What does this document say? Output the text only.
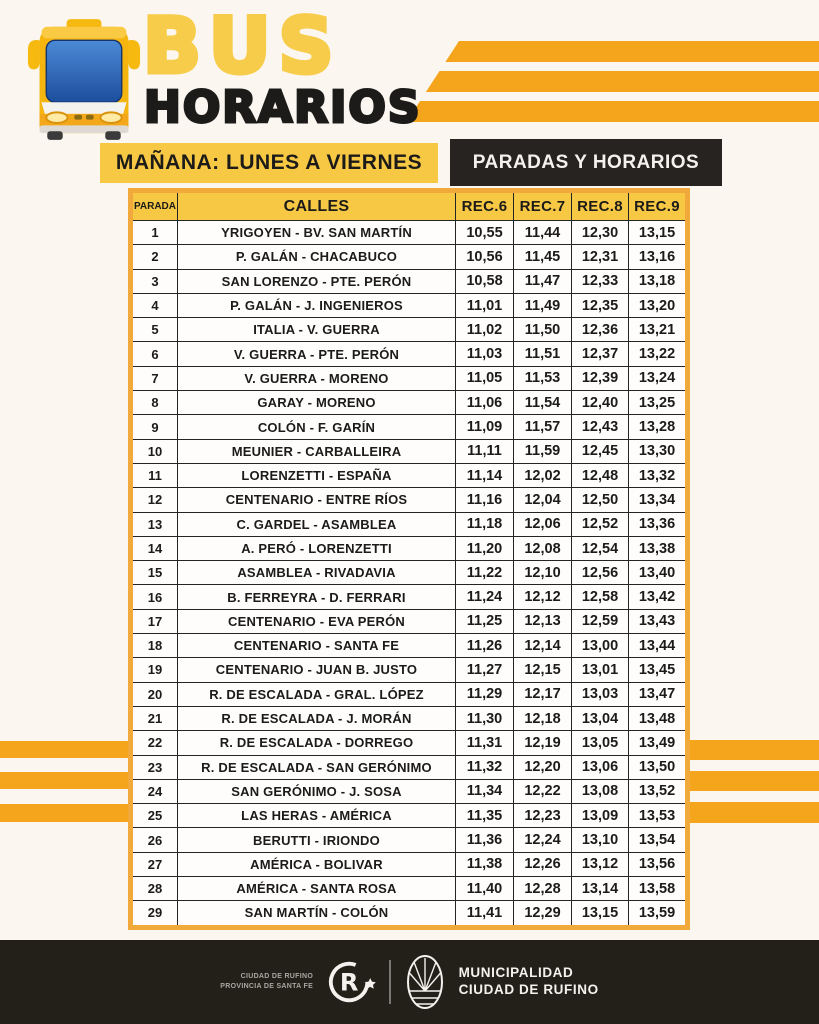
BUS
HORARIOS
MAÑANA: LUNES A VIERNES	PARADAS Y HORARIOS
PARADA	CALLES	REC.6 REC.7 REC.8 REC.9
1	YRIGOYEN - BV. SAN MARTÍN	10,55	11,44	12,30	13,15
2	P. GALÁN - CHACABUCO	10,56	11,45	12,31	13,16
3	SAN LORENZO - PTE. PERÓN	10,58	11,47	12,33	13,18
4	P. GALÁN - J. INGENIEROS	11,01	11,49	12,35	13,20
5	ITALIA - V. GUERRA	11,02	11,50	12,36	13,21
6	V. GUERRA - PTE. PERÓN	11,03	11,51	12,37	13,22
7	V. GUERRA - MORENO	11,05	11,53	12,39	13,24
8	GARAY - MORENO	11,06	11,54	12,40	13,25
9	COLÓN - F. GARÍN	11,09	11,57	12,43	13,28
10	MEUNIER - CARBALLEIRA	11,11	11,59	12,45	13,30
11	LORENZETTI - ESPAÑA	11,14	12,02	12,48	13,32
12	CENTENARIO - ENTRE RÍOS	11,16	12,04	12,50	13,34
13	C. GARDEL - ASAMBLEA	11,18	12,06	12,52	13,36
14	A. PERÓ - LORENZETTI	11,20	12,08	12,54	13,38
15	ASAMBLEA - RIVADAVIA	11,22	12,10	12,56	13,40
16	B. FERREYRA - D. FERRARI	11,24	12,12	12,58	13,42
17	CENTENARIO - EVA PERÓN	11,25	12,13	12,59	13,43
18	CENTENARIO - SANTA FE	11,26	12,14	13,00	13,44
19	CENTENARIO - JUAN B. JUSTO	11,27	12,15	13,01	13,45
20	R. DE ESCALADA - GRAL. LÓPEZ	11,29	12,17	13,03	13,47
21	R. DE ESCALADA - J. MORÁN	11,30	12,18	13,04	13,48
22	R. DE ESCALADA - DORREGO	11,31	12,19	13,05	13,49
23	R. DE ESCALADA - SAN GERÓNIMO	11,32	12,20	13,06	13,50
24	SAN GERÓNIMO - J. SOSA	11,34	12,22	13,08	13,52
25	LAS HERAS - AMÉRICA	11,35	12,23	13,09	13,53
26	BERUTTI - IRIONDO	11,36	12,24	13,10	13,54
27	AMÉRICA - BOLIVAR	11,38	12,26	13,12	13,56
28	AMÉRICA - SANTA ROSA	11,40	12,28	13,14	13,58
29	SAN MARTÍN - COLÓN	11,41	12,29	13,15	13,59
CIUDAD DE RUFINO
PROVINCIA DE SANTA FE R	MUNICIPALIDAD
CIUDAD DE RUFINO
